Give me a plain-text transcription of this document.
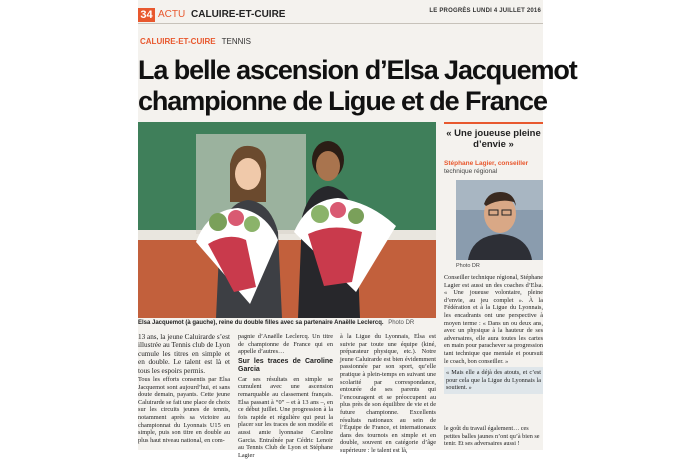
34 ACTU CALUIRE-ET-CUIRE	LE PROGRÈS LUNDI 4 JUILLET 2016
CALUIRE-ET-CUIRE TENNIS
La belle ascension d’Elsa Jacquemot
championne de Ligue et de France
Elsa Jacquemot (à gauche), reine du double filles avec sa partenaire Anaëlle Leclercq. Photo DR

13 ans, la jeune Caluirarde s’est illustrée au Tennis club de Lyon cumule les titres en simple et en double. Le talent est là et tous les espoirs permis.

Tous les efforts consentis par Elsa Jacquemot sont aujourd’hui, et sans doute demain, payants. Cette jeune Caluirarde se fait une place de choix sur les circuits jeunes de tennis, notamment après sa victoire au championnat du Lyonnais U15 en simple, puis son titre en double au plus haut niveau national, en com-

pagnie d’Anaëlle Leclercq. Un titre de championne de France qui en appelle d’autres…

Sur les traces de Caroline Garcia

Car ses résultats en simple se cumulent avec une ascension remarquable au classement français. Elsa passant à “0” – et à 13 ans –, en ce début juillet. Une progression à la fois rapide et régulière qui peut la placer sur les traces de son modèle et aussi amie lyonnaise Caroline Garcia. Entraînée par Cédric Lenoir au Tennis Club de Lyon et Stéphane Lagier

à la Ligue du Lyonnais, Elsa est suivie par toute une équipe (kiné, préparateur physique, etc.). Notre jeune Caluirarde est bien évidemment passionnée par son sport, qu’elle pratique à plein-temps en suivant une scolarité par correspondance, entourée de ses parents qui l’encouragent et se préoccupent au plus près de son équilibre de vie et de future championne. Excellents résultats nationaux au sein de l’Équipe de France, et internationaux dans des tournois en simple et en double, souvent en catégorie d’âge supérieure : le talent est là,

« Une joueuse pleine d’envie »
Stéphane Lagier, conseiller
technique régional
Photo DR
Conseiller technique régional, Stéphane Lagier est aussi un des coaches d’Elsa. « Une joueuse volontaire, pleine d’envie, au jeu complet ». À la Fédération et à la Ligue du Lyonnais, les encadrants ont une perspective à moyen terme : « Dans un ou deux ans, avec un physique à la hauteur de ses adversaires, elle aura toutes les cartes en main pour parachever sa progression tant technique que mentale et poursuit le coach, bon conseiller. »
« Mais elle a déjà des atouts, et c’est pour cela que la Ligue du Lyonnais la soutient. »
le goût du travail également… ces petites balles jaunes n’ont qu’à bien se tenir. Et ses adversaires aussi !
